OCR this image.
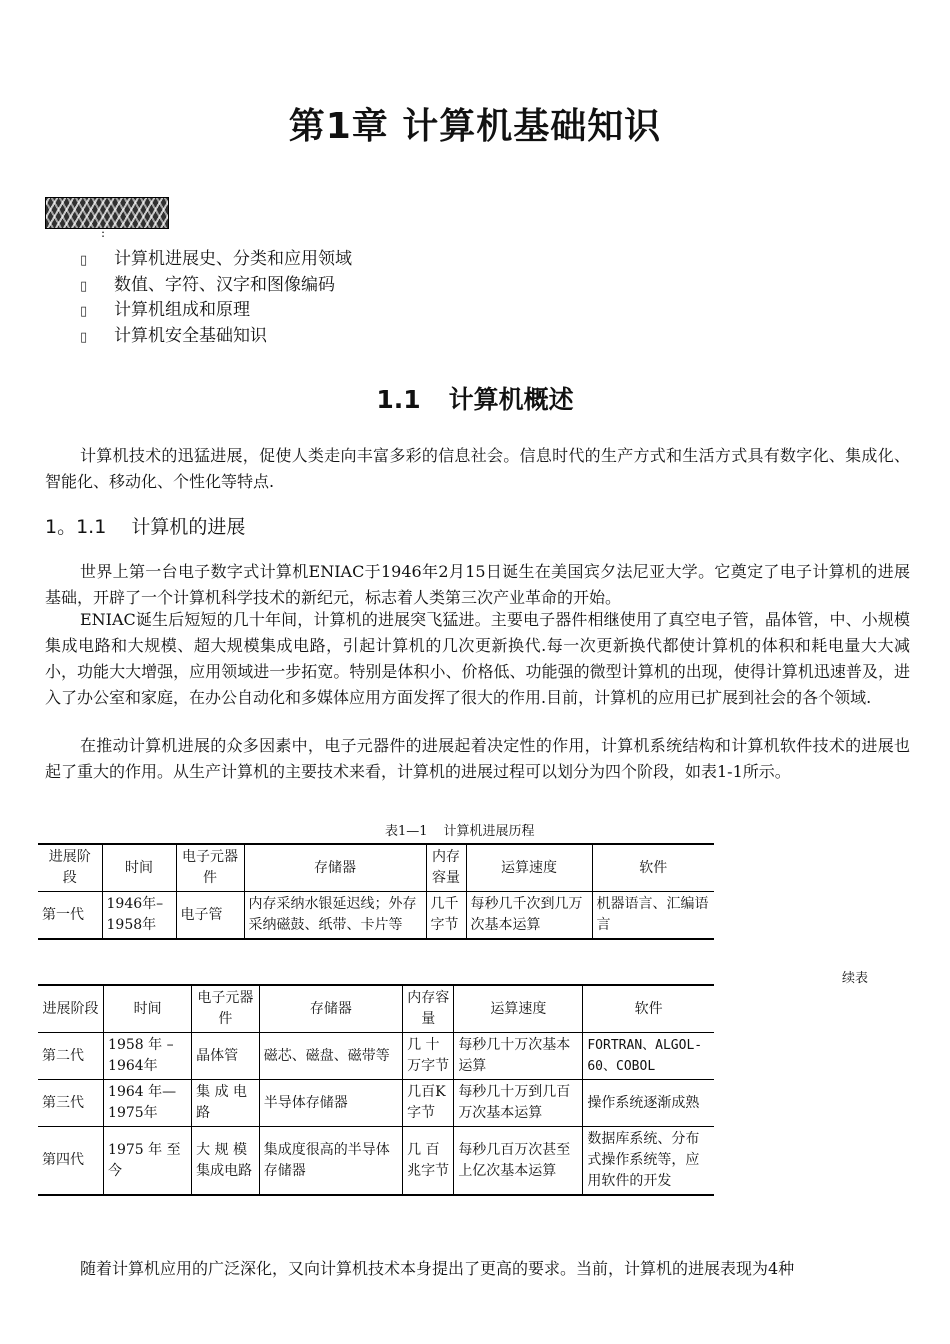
第1章 计算机基础知识
:
▯ 计算机进展史、分类和应用领域
▯ 数值、字符、汉字和图像编码
▯ 计算机组成和原理
▯ 计算机安全基础知识
1.1 计算机概述

计算机技术的迅猛进展，促使人类走向丰富多彩的信息社会。信息时代的生产方式和生活方式具有数字化、集成化、智能化、移动化、个性化等特点.

1。1.1 计算机的进展

世界上第一台电子数字式计算机ENIAC于1946年2月15日诞生在美国宾夕法尼亚大学。它奠定了电子计算机的进展基础，开辟了一个计算机科学技术的新纪元，标志着人类第三次产业革命的开始。

ENIAC诞生后短短的几十年间，计算机的进展突飞猛进。主要电子器件相继使用了真空电子管，晶体管，中、小规模集成电路和大规模、超大规模集成电路，引起计算机的几次更新换代.每一次更新换代都使计算机的体积和耗电量大大减小，功能大大增强，应用领域进一步拓宽。特别是体积小、价格低、功能强的微型计算机的出现，使得计算机迅速普及，进入了办公室和家庭，在办公自动化和多媒体应用方面发挥了很大的作用.目前，计算机的应用已扩展到社会的各个领域.

在推动计算机进展的众多因素中，电子元器件的进展起着决定性的作用，计算机系统结构和计算机软件技术的进展也起了重大的作用。从生产计算机的主要技术来看，计算机的进展过程可以划分为四个阶段，如表1-1所示。

表1—1 计算机进展历程
进展阶段	时间	电子元器件	存储器	内存容量	运算速度	软件
第一代	1946年–1958年	电子管	内存采纳水银延迟线；外存采纳磁鼓、纸带、卡片等	几千字节	每秒几千次到几万次基本运算	机器语言、汇编语言
续表
进展阶段	时间	电子元器件	存储器	内存容量	运算速度	软件
第二代	1958 年 –1964年	晶体管	磁芯、磁盘、磁带等	几 十 万字节	每秒几十万次基本运算	FORTRAN、ALGOL-60、COBOL
第三代	1964 年—1975年	集 成 电 路	半导体存储器	几百K字节	每秒几十万到几百万次基本运算	操作系统逐渐成熟
第四代	1975 年 至 今	大 规 模 集成电路	集成度很高的半导体存储器	几 百 兆字节	每秒几百万次甚至上亿次基本运算	数据库系统、分布式操作系统等，应用软件的开发

随着计算机应用的广泛深化，又向计算机技术本身提出了更高的要求。当前，计算机的进展表现为4种
